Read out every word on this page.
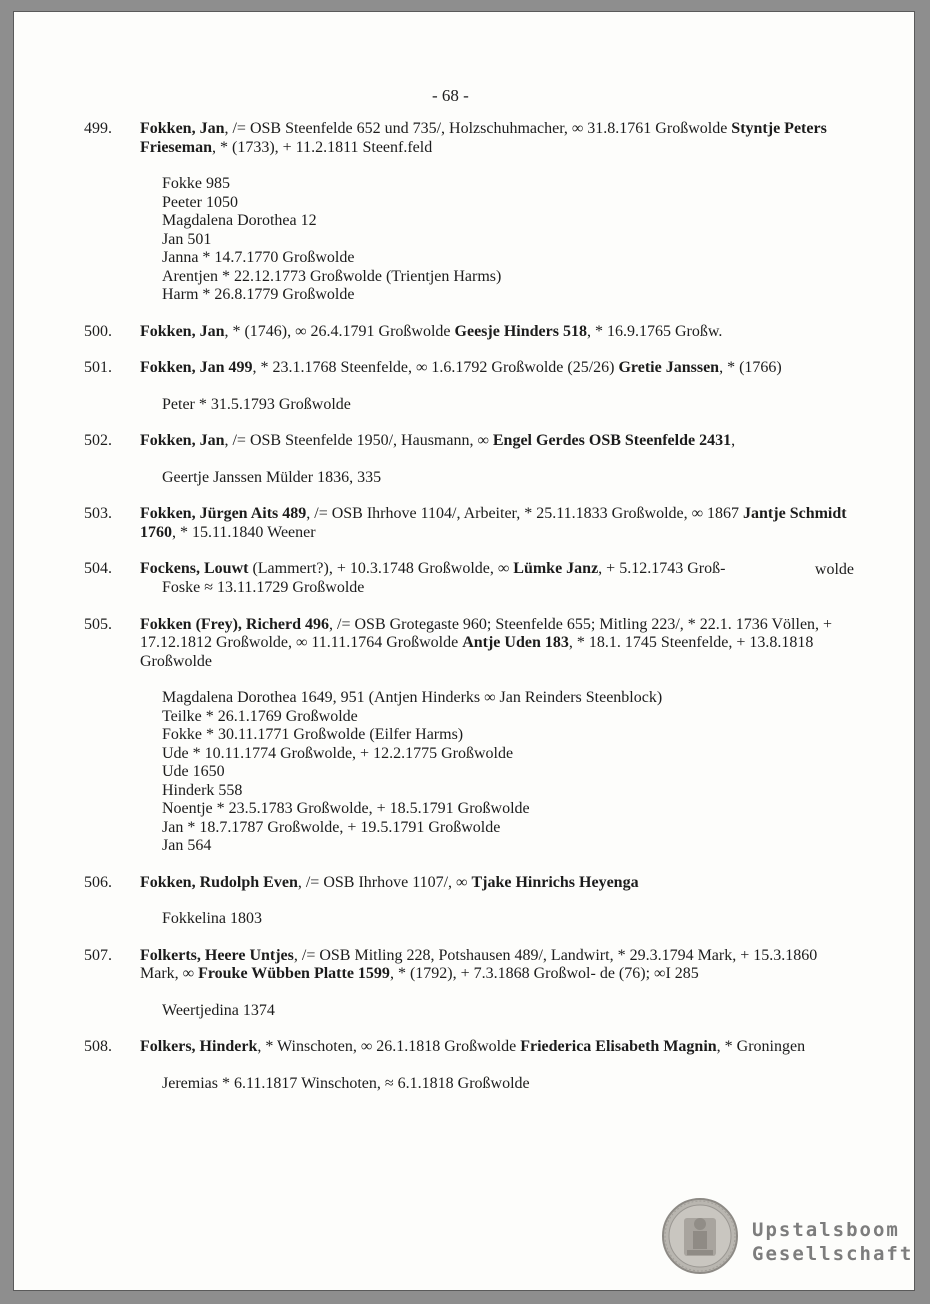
- 68 -
499. Fokken, Jan, /= OSB Steenfelde 652 und 735/, Holzschuhmacher, ∞ 31.8.1761 Großwolde Styntje Peters Frieseman, * (1733), + 11.2.1811 Steenf.feld
Fokke 985
Peeter 1050
Magdalena Dorothea 12
Jan 501
Janna * 14.7.1770 Großwolde
Arentjen * 22.12.1773 Großwolde (Trientjen Harms)
Harm * 26.8.1779 Großwolde
500. Fokken, Jan, * (1746), ∞ 26.4.1791 Großwolde Geesje Hinders 518, * 16.9.1765 Großw.
501. Fokken, Jan 499, * 23.1.1768 Steenfelde, ∞ 1.6.1792 Großwolde (25/26) Gretie Janssen, * (1766)
Peter * 31.5.1793 Großwolde
502. Fokken, Jan, /= OSB Steenfelde 1950/, Hausmann, ∞ Engel Gerdes OSB Steenfelde 2431,
Geertje Janssen Mülder 1836, 335
503. Fokken, Jürgen Aits 489, /= OSB Ihrhove 1104/, Arbeiter, * 25.11.1833 Großwolde, ∞ 1867 Jantje Schmidt 1760, * 15.11.1840 Weener
504. Fockens, Louwt (Lammert?), + 10.3.1748 Großwolde, ∞ Lümke Janz, + 5.12.1743 Groß-	wolde
Foske ≈ 13.11.1729 Großwolde
505. Fokken (Frey), Richerd 496, /= OSB Grotegaste 960; Steenfelde 655; Mitling 223/, * 22.1. 1736 Völlen, + 17.12.1812 Großwolde, ∞ 11.11.1764 Großwolde Antje Uden 183, * 18.1. 1745 Steenfelde, + 13.8.1818 Großwolde
Magdalena Dorothea 1649, 951 (Antjen Hinderks ∞ Jan Reinders Steenblock)
Teilke * 26.1.1769 Großwolde
Fokke * 30.11.1771 Großwolde (Eilfer Harms)
Ude * 10.11.1774 Großwolde, + 12.2.1775 Großwolde
Ude 1650
Hinderk 558
Noentje * 23.5.1783 Großwolde, + 18.5.1791 Großwolde
Jan * 18.7.1787 Großwolde, + 19.5.1791 Großwolde
Jan 564
506. Fokken, Rudolph Even, /= OSB Ihrhove 1107/, ∞ Tjake Hinrichs Heyenga
Fokkelina 1803
507. Folkerts, Heere Untjes, /= OSB Mitling 228, Potshausen 489/, Landwirt, * 29.3.1794 Mark, + 15.3.1860 Mark, ∞ Frouke Wübben Platte 1599, * (1792), + 7.3.1868 Großwol- de (76); ∞I 285
Weertjedina 1374
508. Folkers, Hinderk, * Winschoten, ∞ 26.1.1818 Großwolde Friederica Elisabeth Magnin, * Groningen
Jeremias * 6.11.1817 Winschoten, ≈ 6.1.1818 Großwolde
Upstalsboom
Gesellschaft
